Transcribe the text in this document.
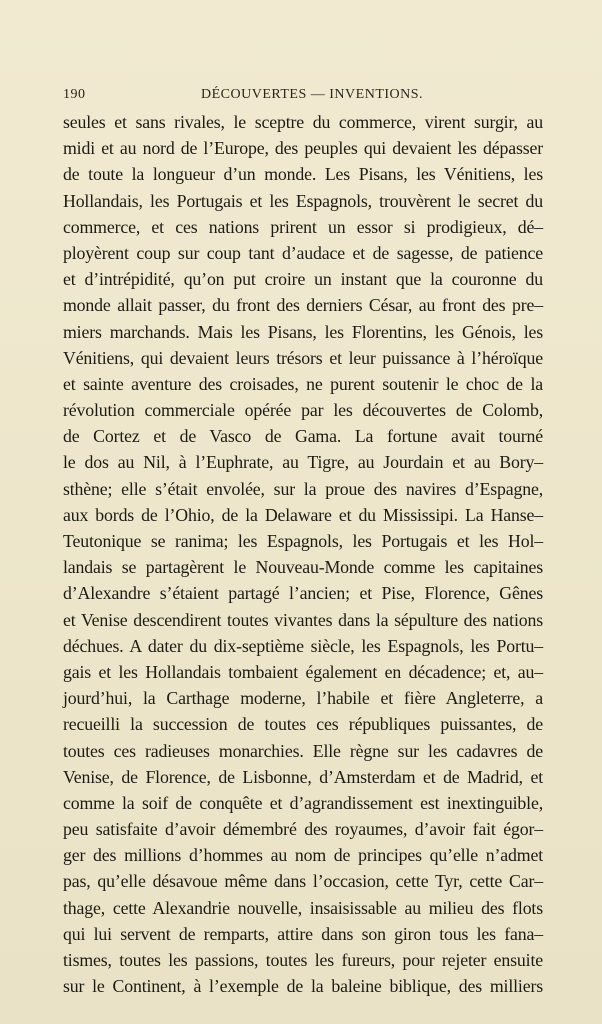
190	DÉCOUVERTES — INVENTIONS.
seules et sans rivales, le sceptre du commerce, virent surgir, au
midi et au nord de l’Europe, des peuples qui devaient les dépasser
de toute la longueur d’un monde. Les Pisans, les Vénitiens, les
Hollandais, les Portugais et les Espagnols, trouvèrent le secret du
commerce, et ces nations prirent un essor si prodigieux, dé–
ployèrent coup sur coup tant d’audace et de sagesse, de patience
et d’intrépidité, qu’on put croire un instant que la couronne du
monde allait passer, du front des derniers César, au front des pre–
miers marchands. Mais les Pisans, les Florentins, les Génois, les
Vénitiens, qui devaient leurs trésors et leur puissance à l’héroïque
et sainte aventure des croisades, ne purent soutenir le choc de la
révolution commerciale opérée par les découvertes de Colomb,
de Cortez et de Vasco de Gama. La fortune avait tourné
le dos au Nil, à l’Euphrate, au Tigre, au Jourdain et au Bory–
sthène; elle s’était envolée, sur la proue des navires d’Espagne,
aux bords de l’Ohio, de la Delaware et du Mississipi. La Hanse–
Teutonique se ranima; les Espagnols, les Portugais et les Hol–
landais se partagèrent le Nouveau-Monde comme les capitaines
d’Alexandre s’étaient partagé l’ancien; et Pise, Florence, Gênes
et Venise descendirent toutes vivantes dans la sépulture des nations
déchues. A dater du dix-septième siècle, les Espagnols, les Portu–
gais et les Hollandais tombaient également en décadence; et, au–
jourd’hui, la Carthage moderne, l’habile et fière Angleterre, a
recueilli la succession de toutes ces républiques puissantes, de
toutes ces radieuses monarchies. Elle règne sur les cadavres de
Venise, de Florence, de Lisbonne, d’Amsterdam et de Madrid, et
comme la soif de conquête et d’agrandissement est inextinguible,
peu satisfaite d’avoir démembré des royaumes, d’avoir fait égor–
ger des millions d’hommes au nom de principes qu’elle n’admet
pas, qu’elle désavoue même dans l’occasion, cette Tyr, cette Car–
thage, cette Alexandrie nouvelle, insaisissable au milieu des flots
qui lui servent de remparts, attire dans son giron tous les fana–
tismes, toutes les passions, toutes les fureurs, pour rejeter ensuite
sur le Continent, à l’exemple de la baleine biblique, des milliers
